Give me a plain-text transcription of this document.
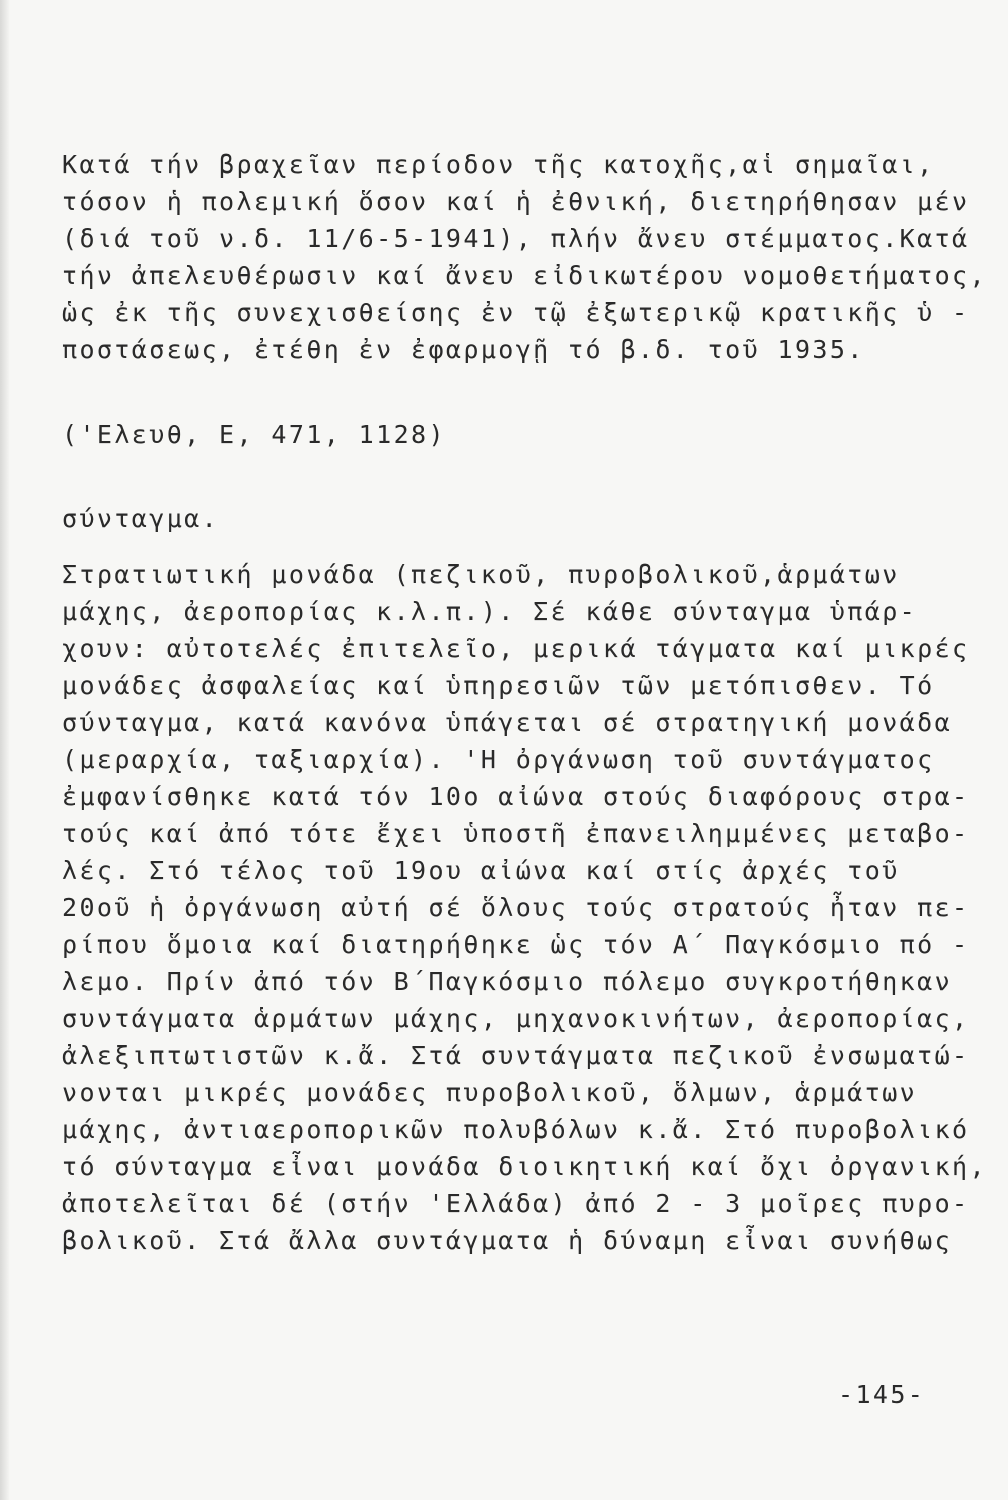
Κατά τήν βραχεῖαν περίοδον τῆς κατοχῆς,αἱ σημαῖαι,
τόσον ἡ πολεμική ὅσον καί ἡ ἐθνική, διετηρήθησαν μέν
(διά τοῦ ν.δ. 11/6-5-1941), πλήν ἄνευ στέμματος.Κατά
τήν ἀπελευθέρωσιν καί ἄνευ εἰδικωτέρου νομοθετήματος,
ὡς ἐκ τῆς συνεχισθείσης ἐν τῷ ἐξωτερικῷ κρατικῆς ὑ -
ποστάσεως, ἐτέθη ἐν ἐφαρμογῇ τό β.δ. τοῦ 1935.
('Ελευθ, Ε, 471, 1128)
σύνταγμα.
Στρατιωτική μονάδα (πεζικοῦ, πυροβολικοῦ,ἁρμάτων
μάχης, ἀεροπορίας κ.λ.π.). Σέ κάθε σύνταγμα ὑπάρ-
χουν: αὐτοτελές ἐπιτελεῖο, μερικά τάγματα καί μικρές
μονάδες ἀσφαλείας καί ὑπηρεσιῶν τῶν μετόπισθεν. Τό
σύνταγμα, κατά κανόνα ὑπάγεται σέ στρατηγική μονάδα
(μεραρχία, ταξιαρχία). 'Η ὀργάνωση τοῦ συντάγματος
ἐμφανίσθηκε κατά τόν 10ο αἰώνα στούς διαφόρους στρα-
τούς καί ἀπό τότε ἔχει ὑποστῆ ἐπανειλημμένες μεταβο-
λές. Στό τέλος τοῦ 19ου αἰώνα καί στίς ἀρχές τοῦ
20οῦ ἡ ὀργάνωση αὐτή σέ ὅλους τούς στρατούς ἦταν πε-
ρίπου ὅμοια καί διατηρήθηκε ὡς τόν Α΄ Παγκόσμιο πό -
λεμο. Πρίν ἀπό τόν Β΄Παγκόσμιο πόλεμο συγκροτήθηκαν
συντάγματα ἁρμάτων μάχης, μηχανοκινήτων, ἀεροπορίας,
ἀλεξιπτωτιστῶν κ.ἄ. Στά συντάγματα πεζικοῦ ἐνσωματώ-
νονται μικρές μονάδες πυροβολικοῦ, ὅλμων, ἁρμάτων
μάχης, ἀντιαεροπορικῶν πολυβόλων κ.ἄ. Στό πυροβολικό
τό σύνταγμα εἶναι μονάδα διοικητική καί ὄχι ὀργανική,
ἀποτελεῖται δέ (στήν 'Ελλάδα) ἀπό 2 - 3 μοῖρες πυρο-
βολικοῦ. Στά ἄλλα συντάγματα ἡ δύναμη εἶναι συνήθως
-145-
